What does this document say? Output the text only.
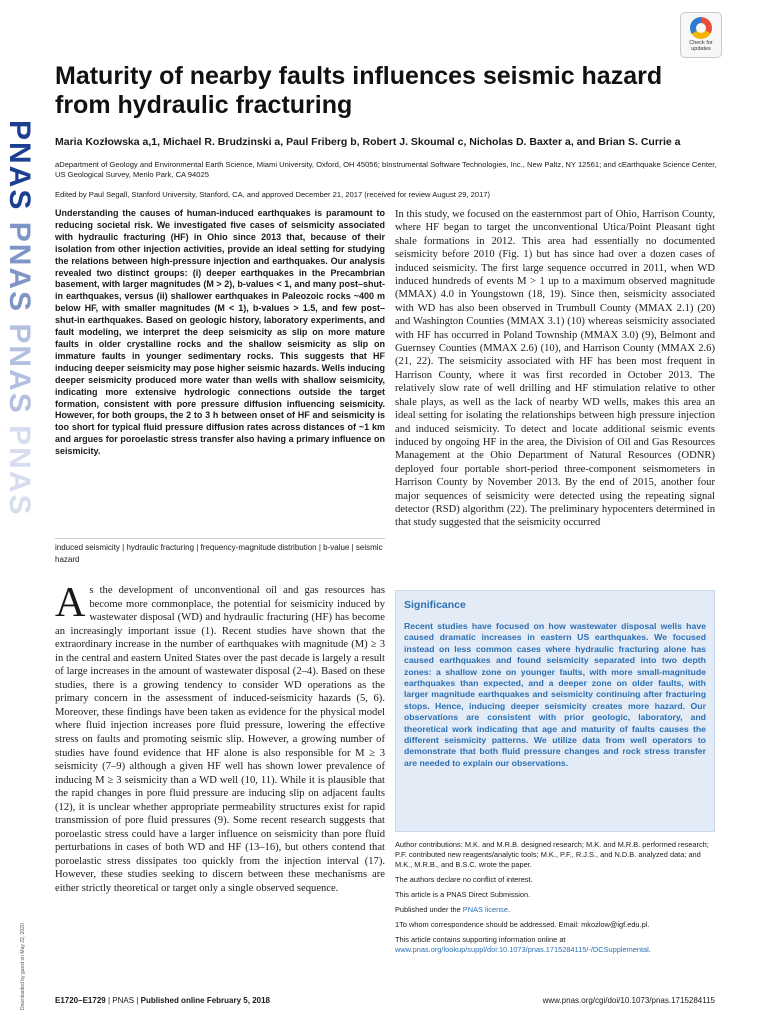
PNAS PNAS PNAS PNAS
Downloaded by guest on May 22, 2020
Check for updates
Maturity of nearby faults influences seismic hazard from hydraulic fracturing
Maria Kozłowska a,1, Michael R. Brudzinski a, Paul Friberg b, Robert J. Skoumal c, Nicholas D. Baxter a, and Brian S. Currie a
aDepartment of Geology and Environmental Earth Science, Miami University, Oxford, OH 45056; bInstrumental Software Technologies, Inc., New Paltz, NY 12561; and cEarthquake Science Center, US Geological Survey, Menlo Park, CA 94025
Edited by Paul Segall, Stanford University, Stanford, CA, and approved December 21, 2017 (received for review August 29, 2017)
Understanding the causes of human-induced earthquakes is paramount to reducing societal risk. We investigated five cases of seismicity associated with hydraulic fracturing (HF) in Ohio since 2013 that, because of their isolation from other injection activities, provide an ideal setting for studying the relations between high-pressure injection and earthquakes. Our analysis revealed two distinct groups: (i) deeper earthquakes in the Precambrian basement, with larger magnitudes (M > 2), b-values < 1, and many post–shut-in earthquakes, versus (ii) shallower earthquakes in Paleozoic rocks ~400 m below HF, with smaller magnitudes (M < 1), b-values > 1.5, and few post–shut-in earthquakes. Based on geologic history, laboratory experiments, and fault modeling, we interpret the deep seismicity as slip on more mature faults in older crystalline rocks and the shallow seismicity as slip on immature faults in younger sedimentary rocks. This suggests that HF inducing deeper seismicity may pose higher seismic hazards. Wells inducing deeper seismicity produced more water than wells with shallow seismicity, indicating more extensive hydrologic connections outside the target formation, consistent with pore pressure diffusion influencing seismicity. However, for both groups, the 2 to 3 h between onset of HF and seismicity is too short for typical fluid pressure diffusion rates across distances of ~1 km and argues for poroelastic stress transfer also having a primary influence on seismicity.
induced seismicity | hydraulic fracturing | frequency-magnitude distribution | b-value | seismic hazard
As the development of unconventional oil and gas resources has become more commonplace, the potential for seismicity induced by wastewater disposal (WD) and hydraulic fracturing (HF) has become an increasingly important issue (1). Recent studies have shown that the extraordinary increase in the number of earthquakes with magnitude (M) ≥ 3 in the central and eastern United States over the past decade is largely a result of large increases in the amount of wastewater disposal (2–4). Based on these studies, there is a growing tendency to consider WD operations as the primary concern in the assessment of induced-seismicity hazards (5, 6). Moreover, these findings have been taken as evidence for the physical model where fluid injection increases pore fluid pressure, lowering the effective stress on faults and promoting seismic slip. However, a growing number of studies have found evidence that HF alone is also responsible for M ≥ 3 seismicity (7–9) although a given HF well has shown lower prevalence of inducing M ≥ 3 seismicity than a WD well (10, 11). While it is plausible that the rapid changes in pore fluid pressure are inducing slip on adjacent faults (12), it is unclear whether appropriate permeability structures exist for rapid transmission of pore fluid pressures (9). Some recent research suggests that poroelastic stress could have a larger influence on seismicity than pore fluid perturbations in cases of both WD and HF (13–16), but others contend that poroelastic stress dissipates too quickly from the injection interval (17). However, these studies seeking to discern between these mechanisms are either strictly theoretical or target only a single observed sequence.
In this study, we focused on the easternmost part of Ohio, Harrison County, where HF began to target the unconventional Utica/Point Pleasant tight shale formations in 2012. This area had essentially no documented seismicity before 2010 (Fig. 1) but has since had over a dozen cases of induced seismicity. The first large sequence occurred in 2011, when WD induced hundreds of events M > 1 up to a maximum observed magnitude (MMAX) 4.0 in Youngstown (18, 19). Since then, seismicity associated with WD has also been observed in Trumbull County (MMAX 2.1) (20) and Washington Counties (MMAX 3.1) (10) whereas seismicity associated with HF has occurred in Poland Township (MMAX 3.0) (9), Belmont and Guernsey Counties (MMAX 2.6) (10), and Harrison County (MMAX 2.6) (21, 22). The seismicity associated with HF has been most frequent in Harrison County, where it was first recorded in October 2013. The relatively slow rate of well drilling and HF stimulation relative to other shale plays, as well as the lack of nearby WD wells, makes this area an ideal setting for isolating the relationships between high pressure injection and induced seismicity. To detect and locate additional seismic events induced by ongoing HF in the area, the Division of Oil and Gas Resources Management at the Ohio Department of Natural Resources (ODNR) deployed four portable short-period three-component seismometers in Harrison County by November 2013. By the end of 2015, another four major sequences of seismicity were detected using the repeating signal detector (RSD) algorithm (22). The preliminary hypocenters determined in that study suggested that the seismicity occurred
Significance
Recent studies have focused on how wastewater disposal wells have caused dramatic increases in eastern US earthquakes. We focused instead on less common cases where hydraulic fracturing alone has caused earthquakes and found seismicity separated into two depth zones: a shallow zone on younger faults, with more small-magnitude earthquakes than expected, and a deeper zone on older faults, with larger magnitude earthquakes and seismicity continuing after fracturing stops. Hence, inducing deeper seismicity creates more hazard. Our observations are consistent with prior geologic, laboratory, and theoretical work indicating that age and maturity of faults causes the different seismicity patterns. We utilize data from well operators to demonstrate that both fluid pressure changes and rock stress transfer are needed to explain our observations.

Author contributions: M.K. and M.R.B. designed research; M.K. and M.R.B. performed research; P.F. contributed new reagents/analytic tools; M.K., P.F., R.J.S., and N.D.B. analyzed data; and M.K., M.R.B., and B.S.C. wrote the paper.

The authors declare no conflict of interest.

This article is a PNAS Direct Submission.

Published under the PNAS license.

1To whom correspondence should be addressed. Email: mkozlow@igf.edu.pl.

This article contains supporting information online at www.pnas.org/lookup/suppl/doi:10.1073/pnas.1715284115/-/DCSupplemental.

E1720–E1729 | PNAS | Published online February 5, 2018	www.pnas.org/cgi/doi/10.1073/pnas.1715284115
